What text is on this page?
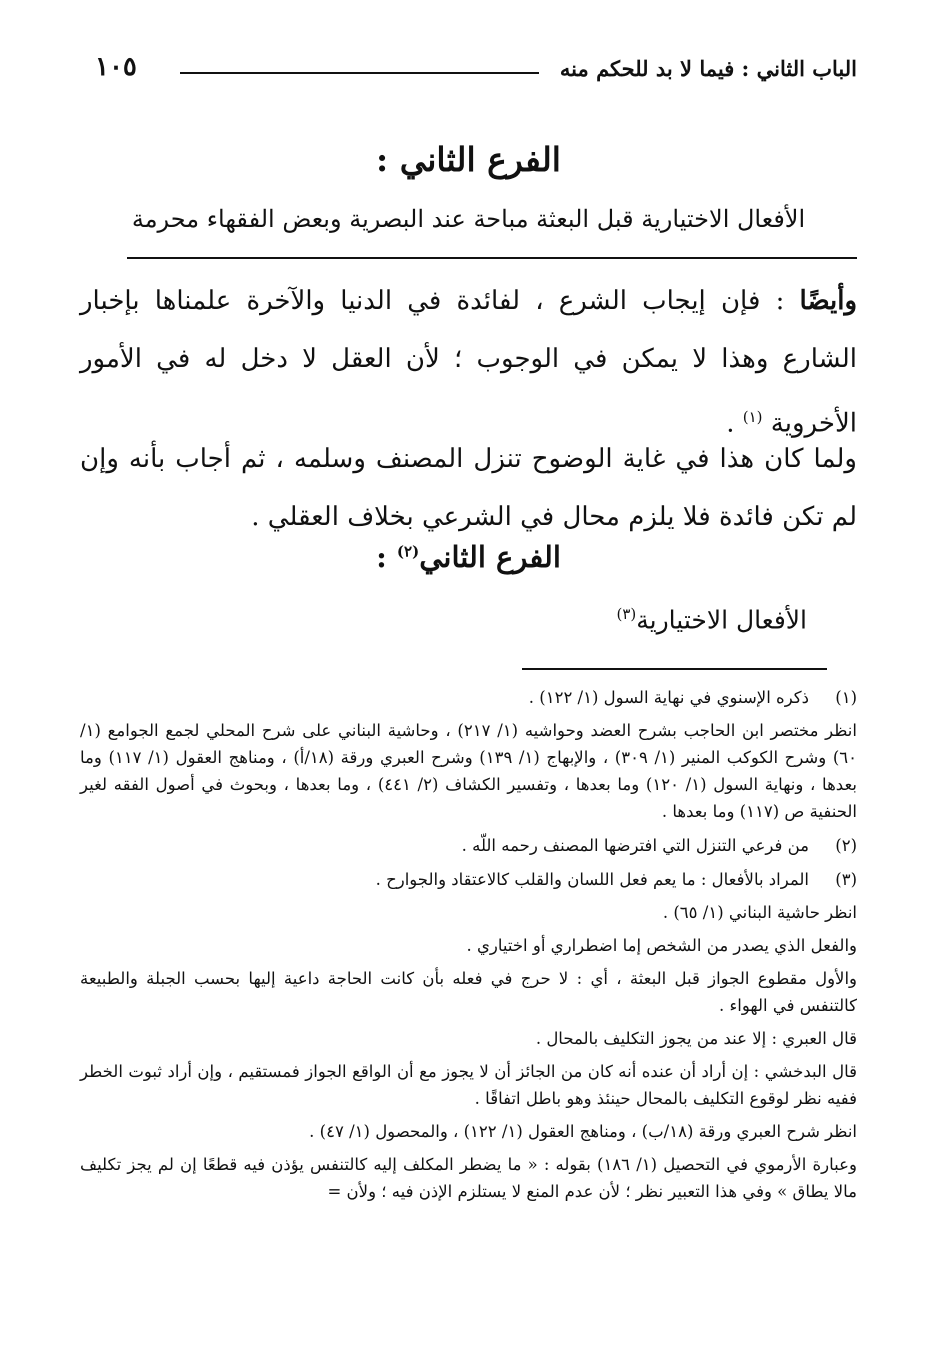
الباب الثاني : فيما لا بد للحكم منه
١٠٥
الفرع الثاني :
الأفعال الاختيارية قبل البعثة مباحة عند البصرية وبعض الفقهاء محرمة
وأيضًا : فإن إيجاب الشرع ، لفائدة في الدنيا والآخرة علمناها بإخبار الشارع وهذا لا يمكن في الوجوب ؛ لأن العقل لا دخل له في الأمور الأخروية $^{(١)}$ .
ولما كان هذا في غاية الوضوح تنزل المصنف وسلمه ، ثم أجاب بأنه وإن لم تكن فائدة فلا يلزم محال في الشرعي بخلاف العقلي .
الفرع الثاني$^{(٢)}$ :
الأفعال الاختيارية$^{(٣)}$
(١)
ذكره الإسنوي في نهاية السول (١/ ١٢٢) .
انظر مختصر ابن الحاجب بشرح العضد وحواشيه (١/ ٢١٧) ، وحاشية البناني على شرح المحلي لجمع الجوامع (١/ ٦٠) وشرح الكوكب المنير (١/ ٣٠٩) ، والإبهاج (١/ ١٣٩) وشرح العبري ورقة (١٨/أ) ، ومناهج العقول (١/ ١١٧) وما بعدها ، ونهاية السول (١/ ١٢٠) وما بعدها ، وتفسير الكشاف (٢/ ٤٤١) ، وما بعدها ، وبحوث في أصول الفقه لغير الحنفية ص (١١٧) وما بعدها .
(٢)
من فرعي التنزل التي افترضها المصنف رحمه اللّه .
(٣)
المراد بالأفعال : ما يعم فعل اللسان والقلب كالاعتقاد والجوارح .
انظر حاشية البناني (١/ ٦٥) .
والفعل الذي يصدر من الشخص إما اضطراري أو اختياري .
والأول مقطوع الجواز قبل البعثة ، أي : لا حرج في فعله بأن كانت الحاجة داعية إليها بحسب الجبلة والطبيعة كالتنفس في الهواء .
قال العبري : إلا عند من يجوز التكليف بالمحال .
قال البدخشي : إن أراد أن عنده أنه كان من الجائز أن لا يجوز مع أن الواقع الجواز فمستقيم ، وإن أراد ثبوت الخطر ففيه نظر لوقوع التكليف بالمحال حينئذ وهو باطل اتفاقًا .
انظر شرح العبري ورقة (١٨/ب) ، ومناهج العقول (١/ ١٢٢) ، والمحصول (١/ ٤٧) .
وعبارة الأرموي في التحصيل (١/ ١٨٦) بقوله : « ما يضطر المكلف إليه كالتنفس يؤذن فيه قطعًا إن لم يجز تكليف مالا يطاق » وفي هذا التعبير نظر ؛ لأن عدم المنع لا يستلزم الإذن فيه ؛ ولأن =
